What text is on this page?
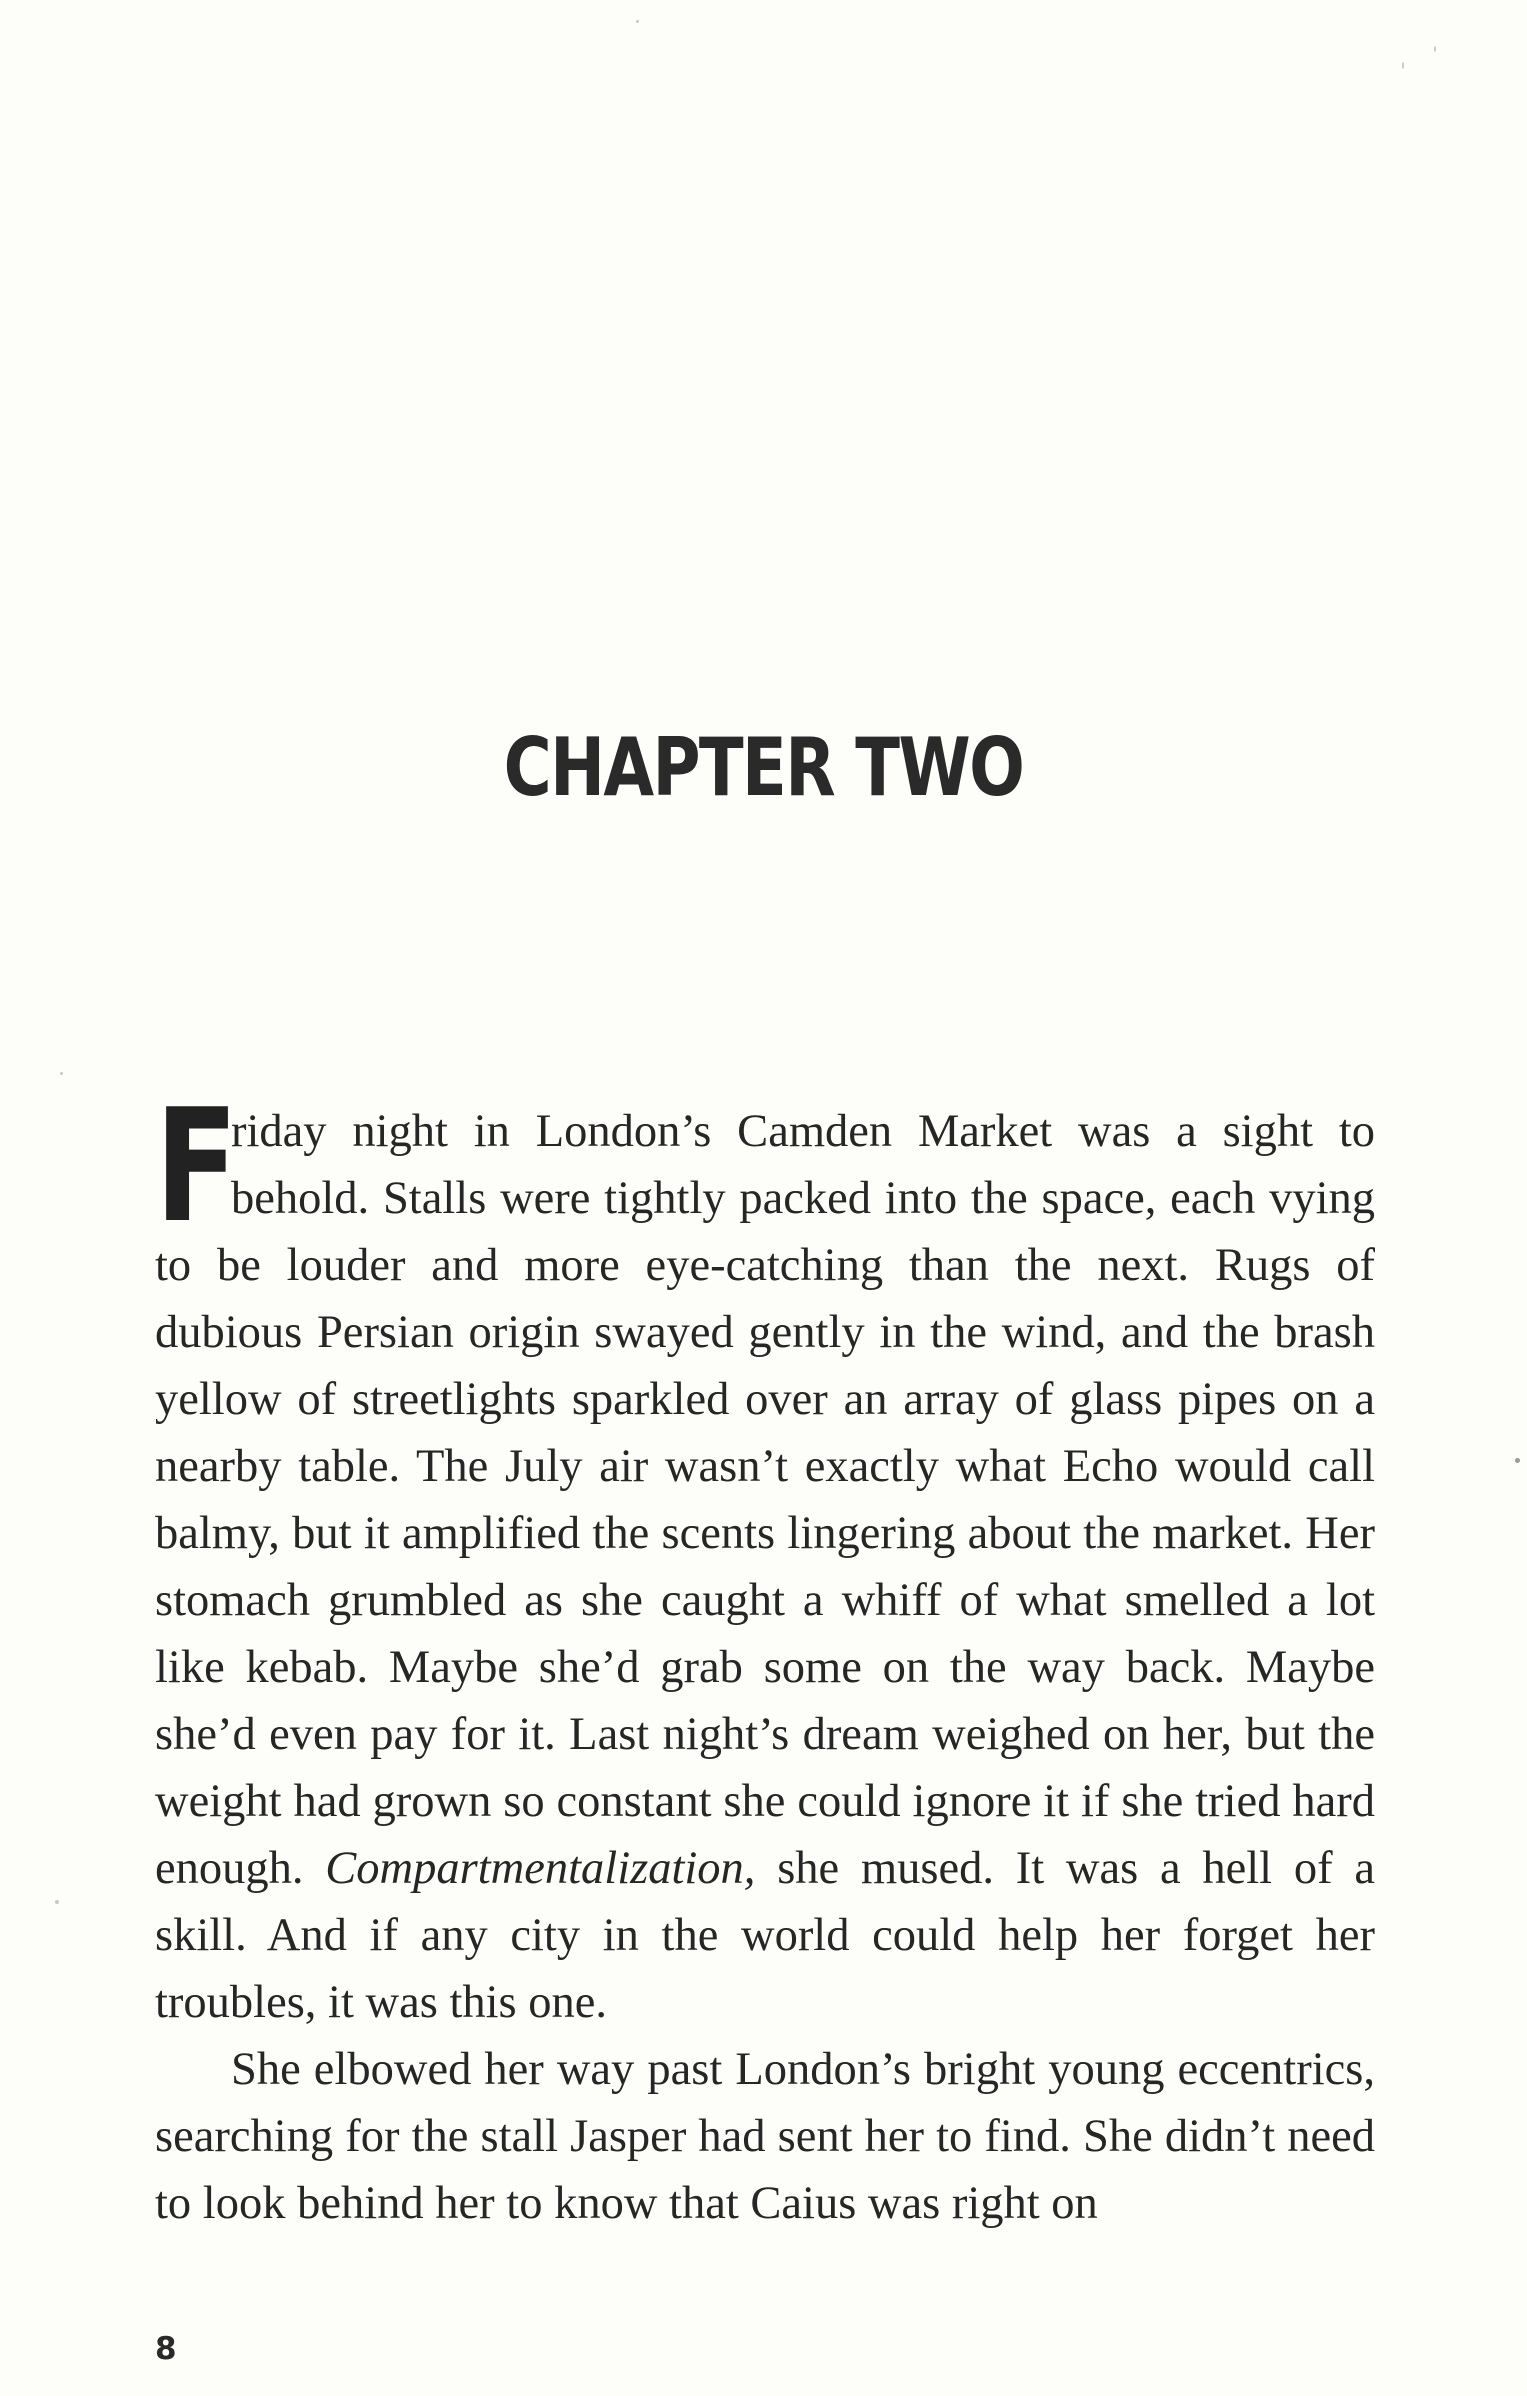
CHAPTER TWO

F
riday night in London’s Camden Market was a sight to behold. Stalls were tightly packed into the space, each vying to be louder and more eye-catching than the next. Rugs of dubious Persian origin swayed gently in the wind, and the brash yellow of streetlights sparkled over an array of glass pipes on a nearby table. The July air wasn’t exactly what Echo would call balmy, but it amplified the scents lingering about the market. Her stomach grumbled as she caught a whiff of what smelled a lot like kebab. Maybe she’d grab some on the way back. Maybe she’d even pay for it. Last night’s dream weighed on her, but the weight had grown so constant she could ignore it if she tried hard enough. Compartmentalization, she mused. It was a hell of a skill. And if any city in the world could help her forget her troubles, it was this one.

She elbowed her way past London’s bright young eccentrics, searching for the stall Jasper had sent her to find. She didn’t need to look behind her to know that Caius was right on

8
